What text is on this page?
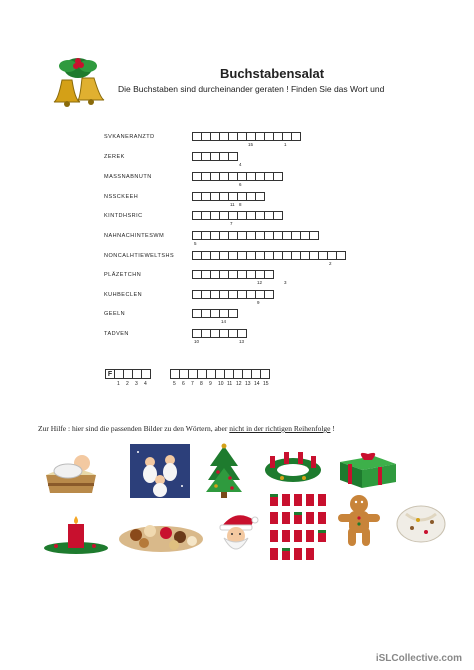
Buchstabensalat
Die Buchstaben sind durcheinander geraten ! Finden Sie das Wort und
SVKANERANZTD
15	1
ZEREK
4
MASSNABNUTN
6
NSSCKEEH
11 8
KINTDHSRIC
7
NAHNACHINTESWM
5
NONCALHTIEWELTSHS
2
PLÄZETCHN
12	3
KUHBECLEN
9
GEELN
14
TADVEN
10	13
F
1 2 3 4	5 6 7 8 9 10 11 12 13 14 15
Zur Hilfe : hier sind die passenden Bilder zu den Wörtern, aber nicht in der richtigen Reihenfolge !
iSLCollective.com
